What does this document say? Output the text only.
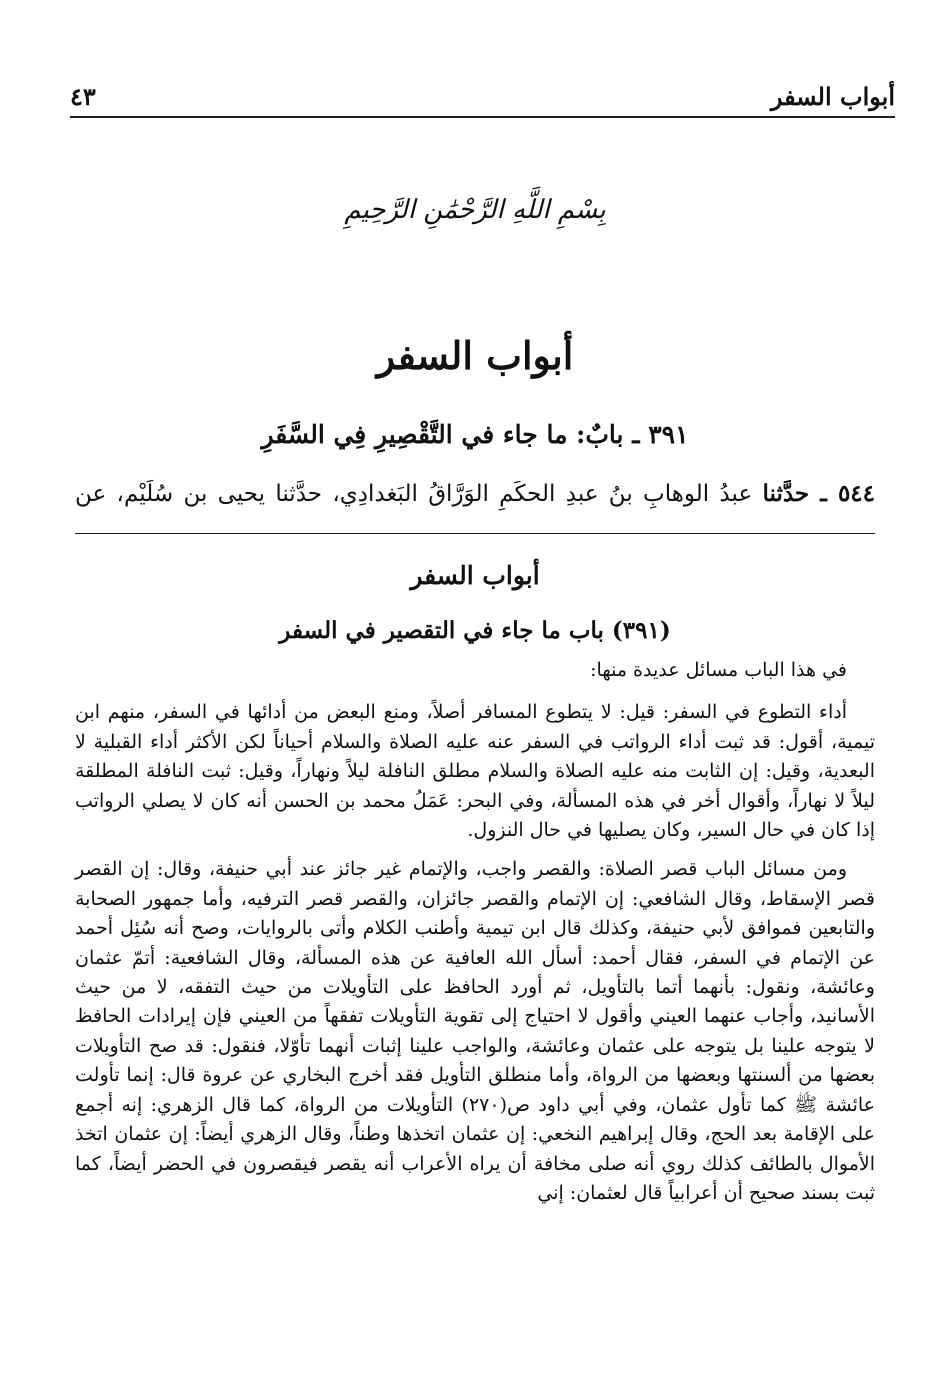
أبواب السفر
٤٣
بِسْمِ اللَّهِ الرَّحْمَٰنِ الرَّحِيمِ
أبواب السفر
٣٩١ ـ بابٌ: ما جاء في التَّقْصِيرِ فِي السَّفَرِ
٥٤٤ ـ حدَّثنا عبدُ الوهابِ بنُ عبدِ الحكَمِ الوَرَّاقُ البَغدادِي، حدَّثنا يحيى بن سُلَيْم، عن
أبواب السفر
(٣٩١) باب ما جاء في التقصير في السفر

في هذا الباب مسائل عديدة منها:

أداء التطوع في السفر: قيل: لا يتطوع المسافر أصلاً، ومنع البعض من أدائها في السفر، منهم ابن تيمية، أقول: قد ثبت أداء الرواتب في السفر عنه عليه الصلاة والسلام أحياناً لكن الأكثر أداء القبلية لا البعدية، وقيل: إن الثابت منه عليه الصلاة والسلام مطلق النافلة ليلاً ونهاراً، وقيل: ثبت النافلة المطلقة ليلاً لا نهاراً، وأقوال أخر في هذه المسألة، وفي البحر: عَمَلُ محمد بن الحسن أنه كان لا يصلي الرواتب إذا كان في حال السير، وكان يصليها في حال النزول.

ومن مسائل الباب قصر الصلاة: والقصر واجب، والإتمام غير جائز عند أبي حنيفة، وقال: إن القصر قصر الإسقاط، وقال الشافعي: إن الإتمام والقصر جائزان، والقصر قصر الترفيه، وأما جمهور الصحابة والتابعين فموافق لأبي حنيفة، وكذلك قال ابن تيمية وأطنب الكلام وأتى بالروايات، وصح أنه سُئِل أحمد عن الإتمام في السفر، فقال أحمد: أسأل الله العافية عن هذه المسألة، وقال الشافعية: أتمّ عثمان وعائشة، ونقول: بأنهما أتما بالتأويل، ثم أورد الحافظ على التأويلات من حيث التفقه، لا من حيث الأسانيد، وأجاب عنهما العيني وأقول لا احتياج إلى تقوية التأويلات تفقهاً من العيني فإن إيرادات الحافظ لا يتوجه علينا بل يتوجه على عثمان وعائشة، والواجب علينا إثبات أنهما تأوّلا، فنقول: قد صح التأويلات بعضها من ألسنتها وبعضها من الرواة، وأما منطلق التأويل فقد أخرج البخاري عن عروة قال: إنما تأولت عائشة ﷺ كما تأول عثمان، وفي أبي داود ص(٢٧٠) التأويلات من الرواة، كما قال الزهري: إنه أجمع على الإقامة بعد الحج، وقال إبراهيم النخعي: إن عثمان اتخذها وطناً، وقال الزهري أيضاً: إن عثمان اتخذ الأموال بالطائف كذلك روي أنه صلى مخافة أن يراه الأعراب أنه يقصر فيقصرون في الحضر أيضاً، كما ثبت بسند صحيح أن أعرابياً قال لعثمان: إني
